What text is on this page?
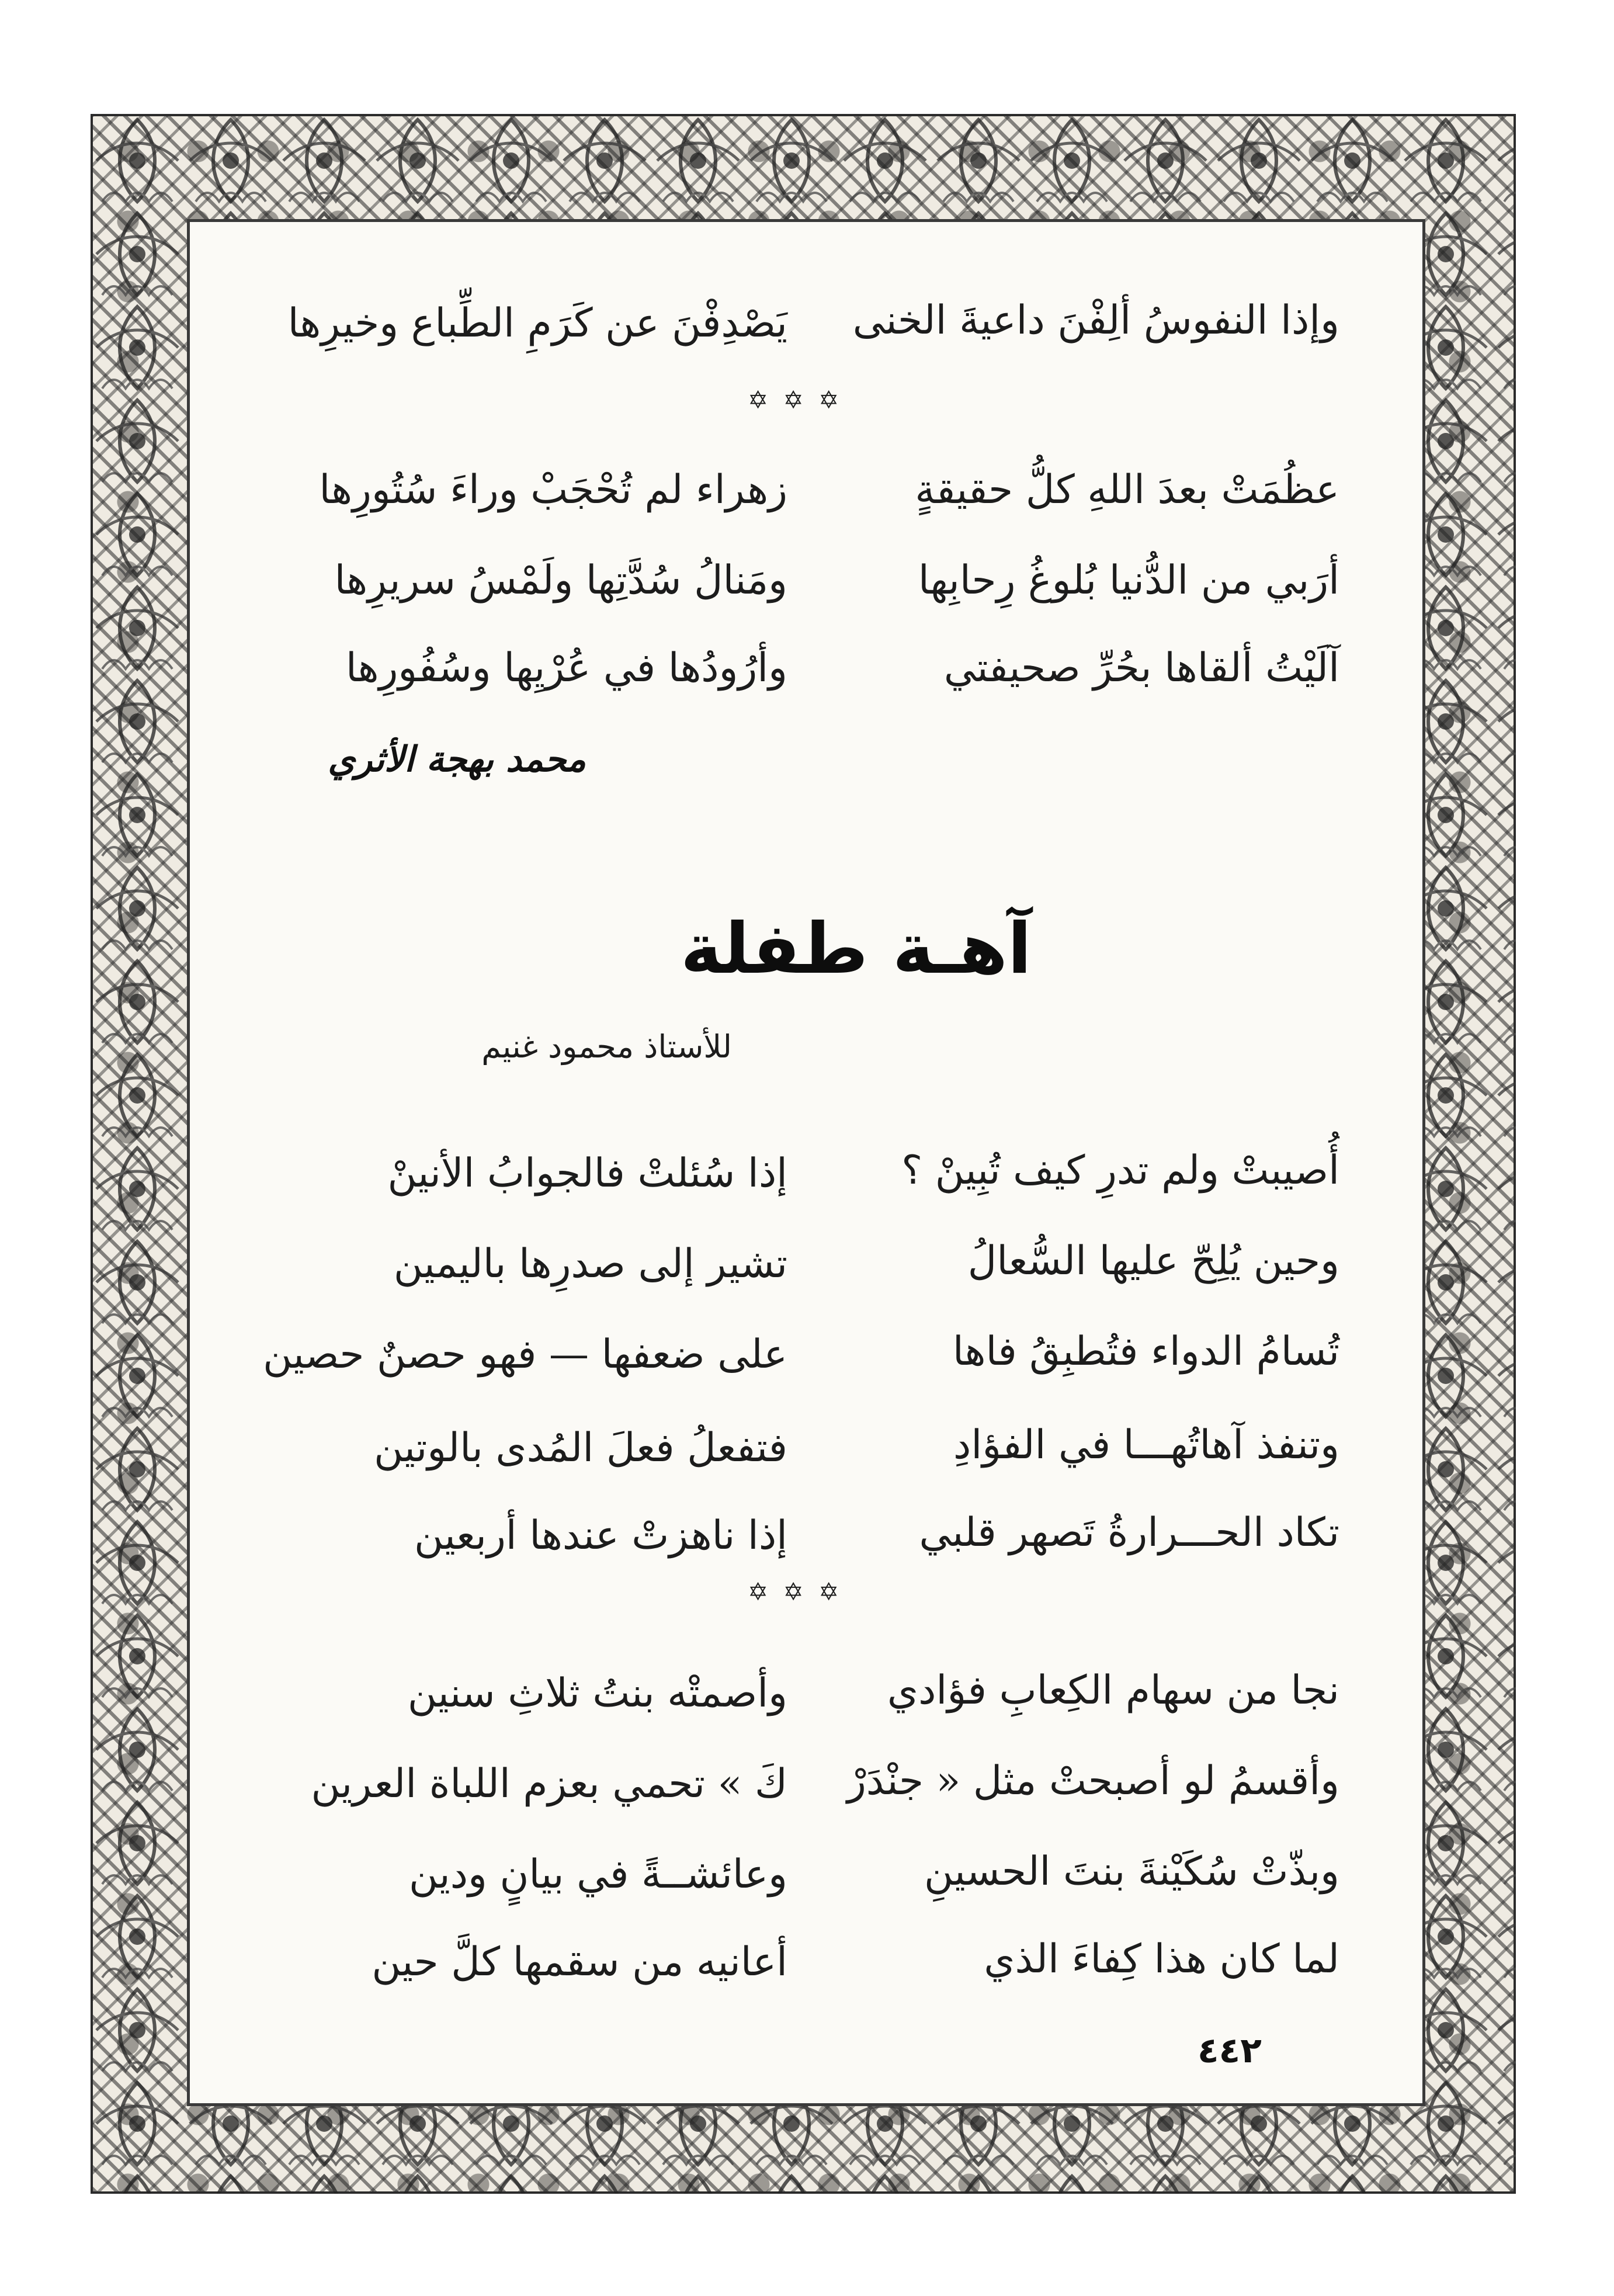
وإذا النفوسُ ألِفْنَ داعيةَ الخنى
يَصْدِفْنَ عن كَرَمِ الطِّباع وخيرِها
✡ ✡ ✡
عظُمَتْ بعدَ اللهِ كلُّ حقيقةٍ
زهراء لم تُحْجَبْ وراءَ سُتُورِها
أرَبي من الدُّنيا بُلوغُ رِحابِها
ومَنالُ سُدَّتِها ولَمْسُ سريرِها
آلَيْتُ ألقاها بحُرِّ صحيفتي
وأرُودُها في عُرْيِها وسُفُورِها
محمد بهجة الأثري
آهـة طفلة
للأستاذ محمود غنيم
أُصيبتْ ولم تدرِ كيف تُبِينْ ؟
إذا سُئلتْ فالجوابُ الأنينْ
وحين يُلِحّ عليها السُّعالُ
تشير إلى صدرِها باليمين
تُسامُ الدواء فتُطبِقُ فاها
على ضعفها — فهو حصنٌ حصين
وتنفذ آهاتُهـــا في الفؤادِ
فتفعلُ فعلَ المُدى بالوتين
تكاد الحـــرارةُ تَصهر قلبي
إذا ناهزتْ عندها أربعين
✡ ✡ ✡
نجا من سهام الكِعابِ فؤادي
وأصمتْه بنتُ ثلاثِ سنين
وأقسمُ لو أصبحتْ مثل « جنْدَرْ
كَ » تحمي بعزم اللباة العرين
وبذّتْ سُكَيْنةَ بنتَ الحسينِ
وعائشــةً في بيانٍ ودين
لما كان هذا كِفاءَ الذي
أعانيه من سقمها كلَّ حين
٤٤٢
